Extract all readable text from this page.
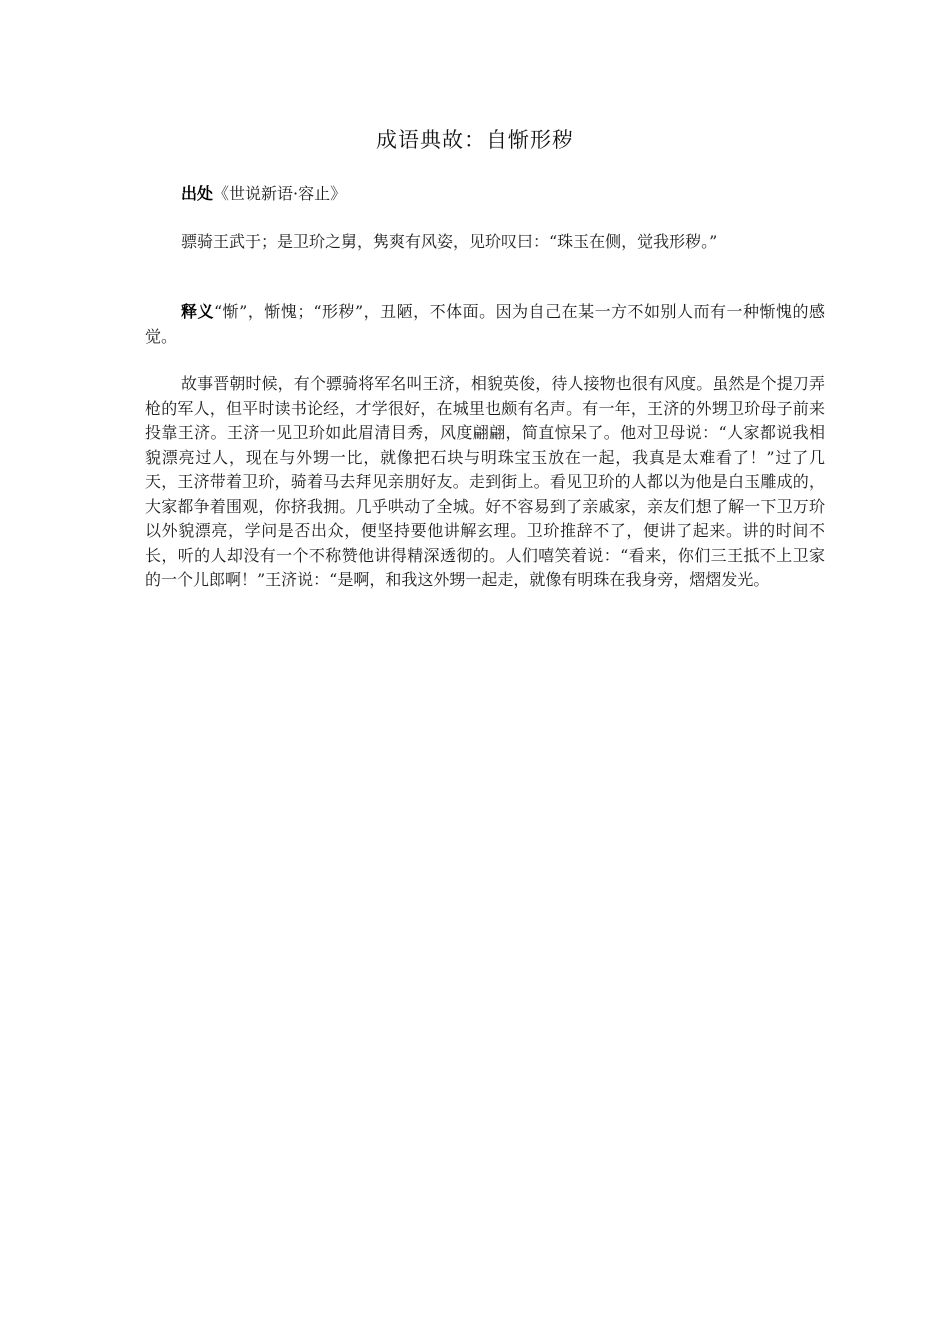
成语典故：自惭形秽
出处《世说新语·容止》
骠骑王武于；是卫玠之舅，隽爽有风姿，见玠叹曰：“珠玉在侧，觉我形秽。”
释义“惭”，惭愧；“形秽”，丑陋，不体面。因为自己在某一方不如别人而有一种惭愧的感觉。
故事晋朝时候，有个骠骑将军名叫王济，相貌英俊，待人接物也很有风度。虽然是个提刀弄枪的军人，但平时读书论经，才学很好，在城里也颇有名声。有一年，王济的外甥卫玠母子前来投靠王济。王济一见卫玠如此眉清目秀，风度翩翩，简直惊呆了。他对卫母说：“人家都说我相貌漂亮过人，现在与外甥一比，就像把石块与明珠宝玉放在一起，我真是太难看了！”过了几天，王济带着卫玠，骑着马去拜见亲朋好友。走到街上。看见卫玠的人都以为他是白玉雕成的，大家都争着围观，你挤我拥。几乎哄动了全城。好不容易到了亲戚家，亲友们想了解一下卫万玠以外貌漂亮，学问是否出众，便坚持要他讲解玄理。卫玠推辞不了，便讲了起来。讲的时间不长，听的人却没有一个不称赞他讲得精深透彻的。人们嘻笑着说：“看来，你们三王抵不上卫家的一个儿郎啊！”王济说：“是啊，和我这外甥一起走，就像有明珠在我身旁，熠熠发光。
